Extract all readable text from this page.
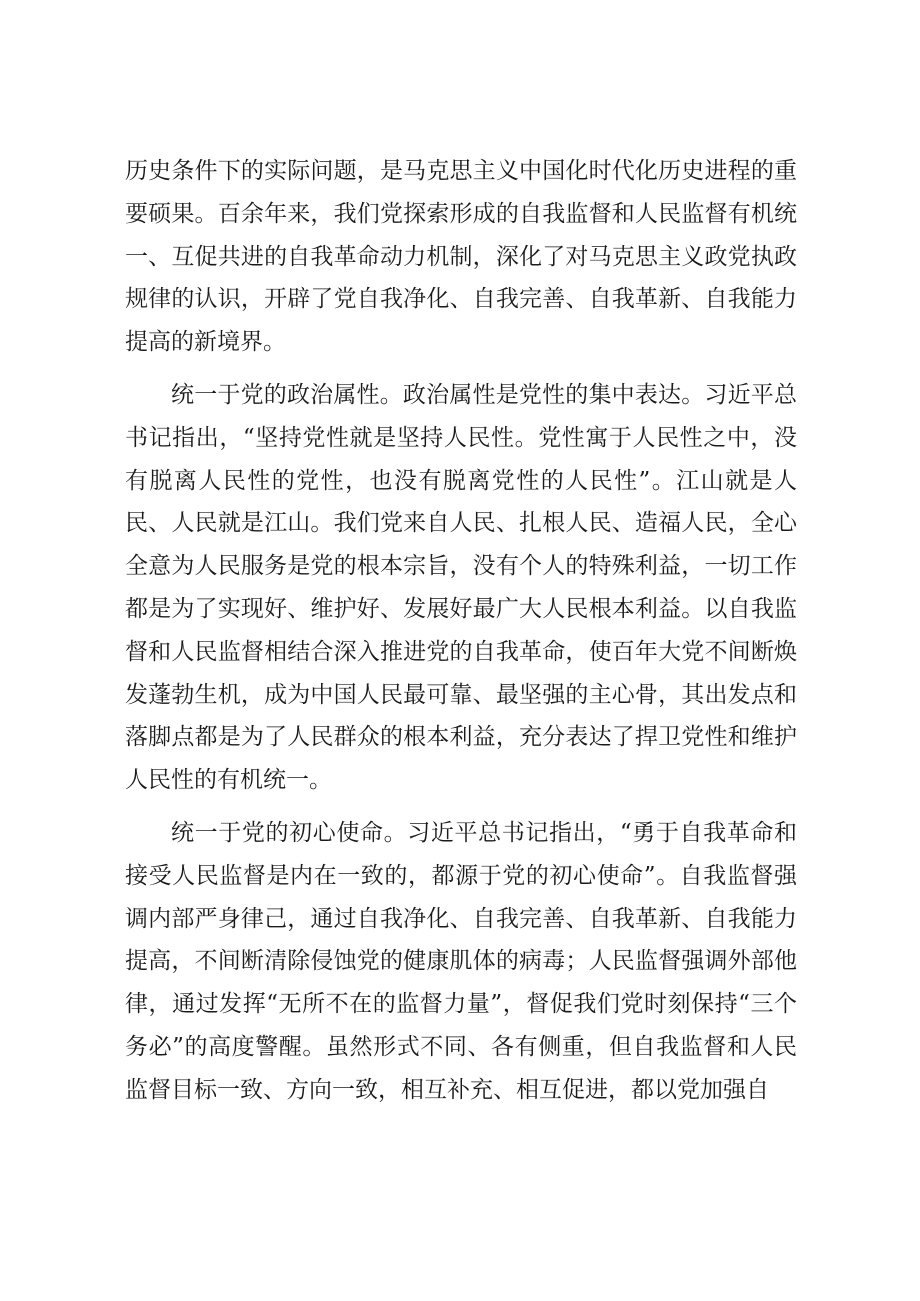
历史条件下的实际问题，是马克思主义中国化时代化历史进程的重要硕果。百余年来，我们党探索形成的自我监督和人民监督有机统一、互促共进的自我革命动力机制，深化了对马克思主义政党执政规律的认识，开辟了党自我净化、自我完善、自我革新、自我能力提高的新境界。

统一于党的政治属性。政治属性是党性的集中表达。习近平总书记指出，“坚持党性就是坚持人民性。党性寓于人民性之中，没有脱离人民性的党性，也没有脱离党性的人民性”。江山就是人民、人民就是江山。我们党来自人民、扎根人民、造福人民，全心全意为人民服务是党的根本宗旨，没有个人的特殊利益，一切工作都是为了实现好、维护好、发展好最广大人民根本利益。以自我监督和人民监督相结合深入推进党的自我革命，使百年大党不间断焕发蓬勃生机，成为中国人民最可靠、最坚强的主心骨，其出发点和落脚点都是为了人民群众的根本利益，充分表达了捍卫党性和维护人民性的有机统一。

统一于党的初心使命。习近平总书记指出，“勇于自我革命和接受人民监督是内在一致的，都源于党的初心使命”。自我监督强调内部严身律己，通过自我净化、自我完善、自我革新、自我能力提高，不间断清除侵蚀党的健康肌体的病毒；人民监督强调外部他律，通过发挥“无所不在的监督力量”，督促我们党时刻保持“三个务必”的高度警醒。虽然形式不同、各有侧重，但自我监督和人民监督目标一致、方向一致，相互补充、相互促进，都以党加强自
